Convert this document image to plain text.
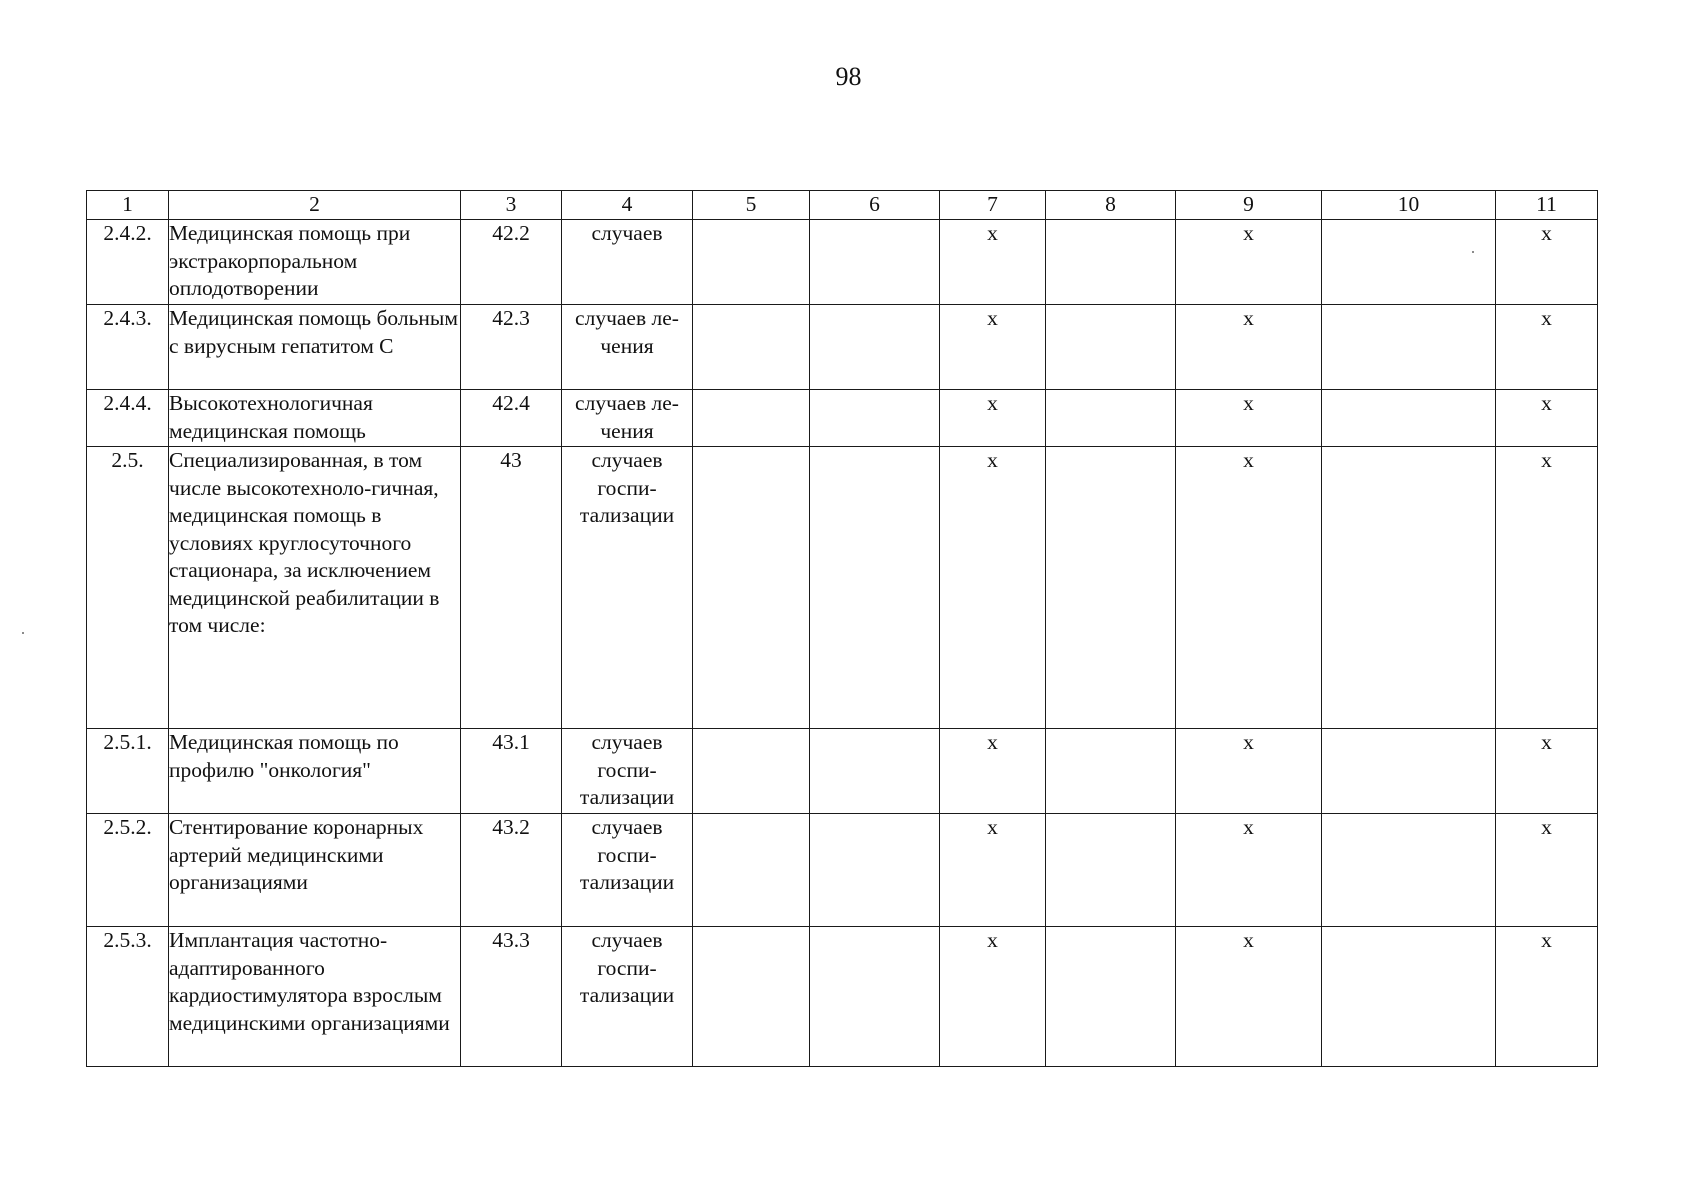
98
1	2	3	4	5	6	7	8	9	10	11
2.4.2.	Медицинская помощь при экстракорпоральном оплодотворении	42.2	случаев			х		х		х
2.4.3.	Медицинская помощь больным с вирусным гепатитом С	42.3	случаев ле-чения			х		х		х
2.4.4.	Высокотехнологичная медицинская помощь	42.4	случаев ле-чения			х		х		х
2.5.	Специализированная, в том числе высокотехноло-гичная, медицинская помощь в условиях круглосуточного стационара, за исключением медицинской реабилитации в том числе:	43	случаев госпи-тализации			х		х		х
2.5.1.	Медицинская помощь по профилю "онкология"	43.1	случаев госпи-тализации			х		х		х
2.5.2.	Стентирование коронарных артерий медицинскими организациями	43.2	случаев госпи-тализации			х		х		х
2.5.3.	Имплантация частотно-адаптированного кардиостимулятора взрослым медицинскими организациями	43.3	случаев госпи-тализации			х		х		х
